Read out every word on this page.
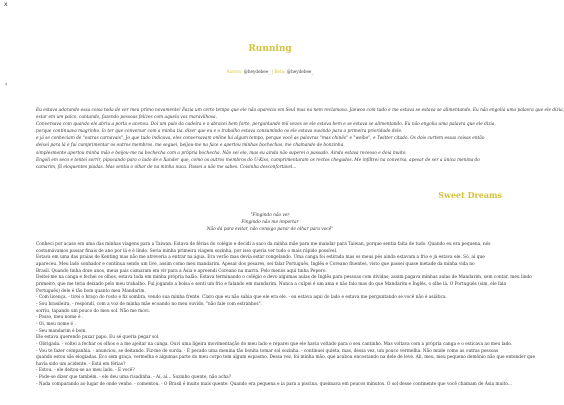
x
Running
Autora: @heydebee_ | Beta: @heydebee_
‹
Eu estava adorando essa coisa toda de ver meu primo novamente! Fazia um certo tempo que ele não aparecia em Seul mas eu nem reclamava. Jaewoo com tudo e me estava se estava se alimentando. Eu não engolia uma palavra que ele dizia,
estar em um palco, cantando, fazendo pessoas felizes com aquela voz maravilhosa.
Conversava com quando ele abriu a porta e acenou. Doi um pulo da cadeira e o abracei bem forte, perguntando mil vezes se ele estava bem e se estava se alimentando. Eu não engolia uma palavra que ele dizia,
porque continuava magrinho. Io ter que conversar com a minha tia, dizer que eu e o trabalho estava consumindo os ele estava ouvindo para a primeira prioridade dele.
e já se conheciam de "outras carnavais", Jo que tudo indicava, eles conversavam online há algum tempo, porque você as palavras "mas chinês" e "weibo", e Twitter citado. Os dois curtem essas coisas então
deixei para lá e fui cumprimentar os outros membros. me seguei, beijou-me na face e apertou minhas bochechas, me chamando de bonzinha.
simplesmente apertou minha mão e beijou-me na bochecha com a própria bochecha. Não sei ele, mas eu ainda não superei o passado. Ainda estava receoso e doía muito.
Engoli em seco e tentei sorrir, pipocando para o lado de e Xander que, como os outros membros do U-Kiss, cumprimentaram os rectos chegados. Me infiltrei na conversa, apesar de ser a única menina do
camarim, fã eloquentes piadas. Mas sentia o olhar de na minha nuca. Passei a não me sabes. Coisinha desconfortável...
Sweet Dreams
"Fingindo não ver
Fingindo não me importar
Não dá para evitar, não consigo parar de olhar para você"
Conheci por acaso em uma das minhas viagens para a Taiwan. Estava de férias do colégio e decidi a saco da minha mãe para me mandar para Taiwan, porque sentia falta de tudo. Quando eu era pequena, nós
costumávamos passar finais de ano por lá e é lindo. Seria minha primeira viagem sozinha, por isso queria ver tudo o mais rápido possível.
Estava em uma das praias de Kenting mas não me atreveria a entrar na água. Era verão mas devia estar congelando. Uma canga foi estirada mas os meus pés ainda estavam a frio e já estava ele. Só, aí que
apareceu. Meu lado sonhador e continua sendo um live, assim como meu mandarim. Apesar dos pesares, sei falar Português, Inglês e Coreano fluentes, visto que passei quase metade da minha vida no
Brasil. Quando tinha doze anos, meus pais cismaram em vir para a Ásia e apreendi Coreano na marra. Pelo menos aqui tinha Pepero.
Deitei-me na canga e fechei os olhos, estava toda em minha própria balão. Estava terminando o colégio e devo algumas aulas de Inglês para pessoas com dívidas; assim pagava minhas aulas de Mandarim, sem contar, meu lindo
primeiro, que me teria deixado pelo meu trabalho. Fui jogando a bolsa e senti um frio e falando em mandarim. Nunca a culpei é um ama e não falo mas do que Mandarim e Inglês, o olhe lá. O Português (sim, ele fala
Português) dele é tão bom quanto meu Mandarim.
- Com licença, - tirei o braço do rosto e fiz sombra, vendo sua minha frente. Claro que eu não sabia que ele era ele. - eu estava aqui do lado e estava me perguntando se você não é asiática.
- Sou brasileira, - respondi, com a voz de minha mãe ecoando no meu ouvido, "não fale com estranhos".
sorriu, tapando um pouco do meu sol. Não me movi.
- Posso, meu nome é .
- Oi, meu nome é .
- Seu mandarim é bom.
Ele estava querendo puxar papo. Eu sé queria pegar sol.
- Obrigada. - voltei a fechar os olhos e a me ajeitar na canga. Ouvi uma ligeira movimentação do meu lado e reparei que ele havia voltado para o seu cantinho. Mas voltava com a própria canga e o esticava ao meu lado.
- Vou te fazer companhia. - anunciou, se deitando. Fiz-me de surda. - É pecado uma menina tão bonita tomar sol sozinha. - continuei quieta, mas, dessa vez, um pouco vermelha. Não mude como as outras pessoas
quando estou são elogiadas. Eco sem graça, vermelha e algumas parte do meu corpo tem algum espasmo. Dessa vez, foi minha mão, que acabou encostando na dele de leve. Ali, meu, meu pequeno demônio não que entender que
havia sido um acidente. - Está em férias?
- Estou. - ele deitou-se ao meu lado. - E você?
- Pode-se dizer que também. - ele deu uma risadinha. - Aí, aí... Sozinho quente, não acha?
- Nada comparando ao lugar de onde venho. - comentou. - O Brasil é muito mais quente. Quando era pequena e ia para a piscina, queimava em poucos minutos. O sol desse continente que você chamam de Ásia muito...
